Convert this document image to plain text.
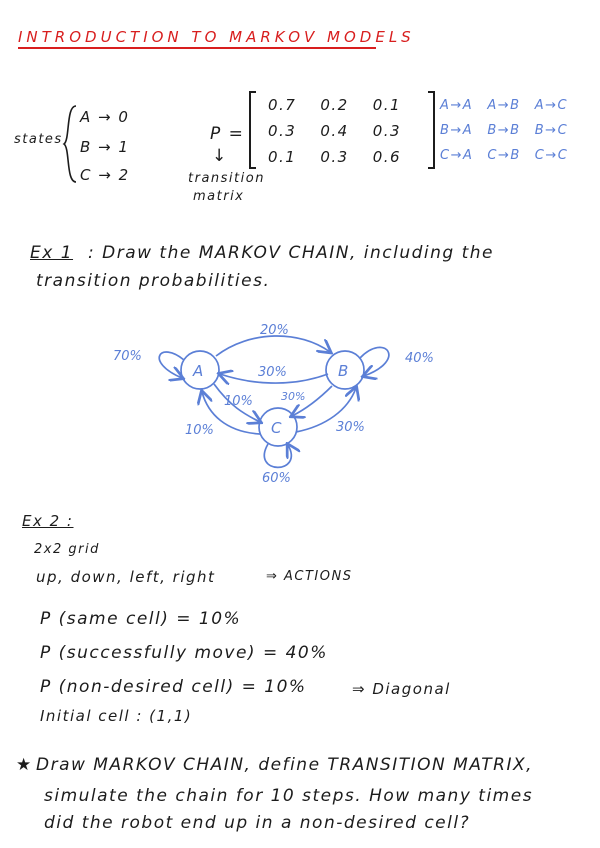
INTRODUCTION TO MARKOV MODELS
states
A → 0
B → 1
C → 2
P =
↓
transition
matrix
0.7	0.2	0.1
0.3	0.4	0.3
0.1	0.3	0.6
A→A	A→B	A→C
B→A	B→B	B→C
C→A	C→B	C→C
Ex 1 : Draw the MARKOV CHAIN, including the
transition probabilities.
A	B
C
70%
20%
30%
40%
10%
10%
30%
30%
60%
Ex 2 :
2x2 grid
up, down, left, right	⇒ ACTIONS
P (same cell) = 10%
P (successfully move) = 40%
P (non-desired cell) = 10%	⇒ Diagonal
Initial cell : (1,1)
★ Draw MARKOV CHAIN, define TRANSITION MATRIX,
simulate the chain for 10 steps. How many times
did the robot end up in a non-desired cell?
